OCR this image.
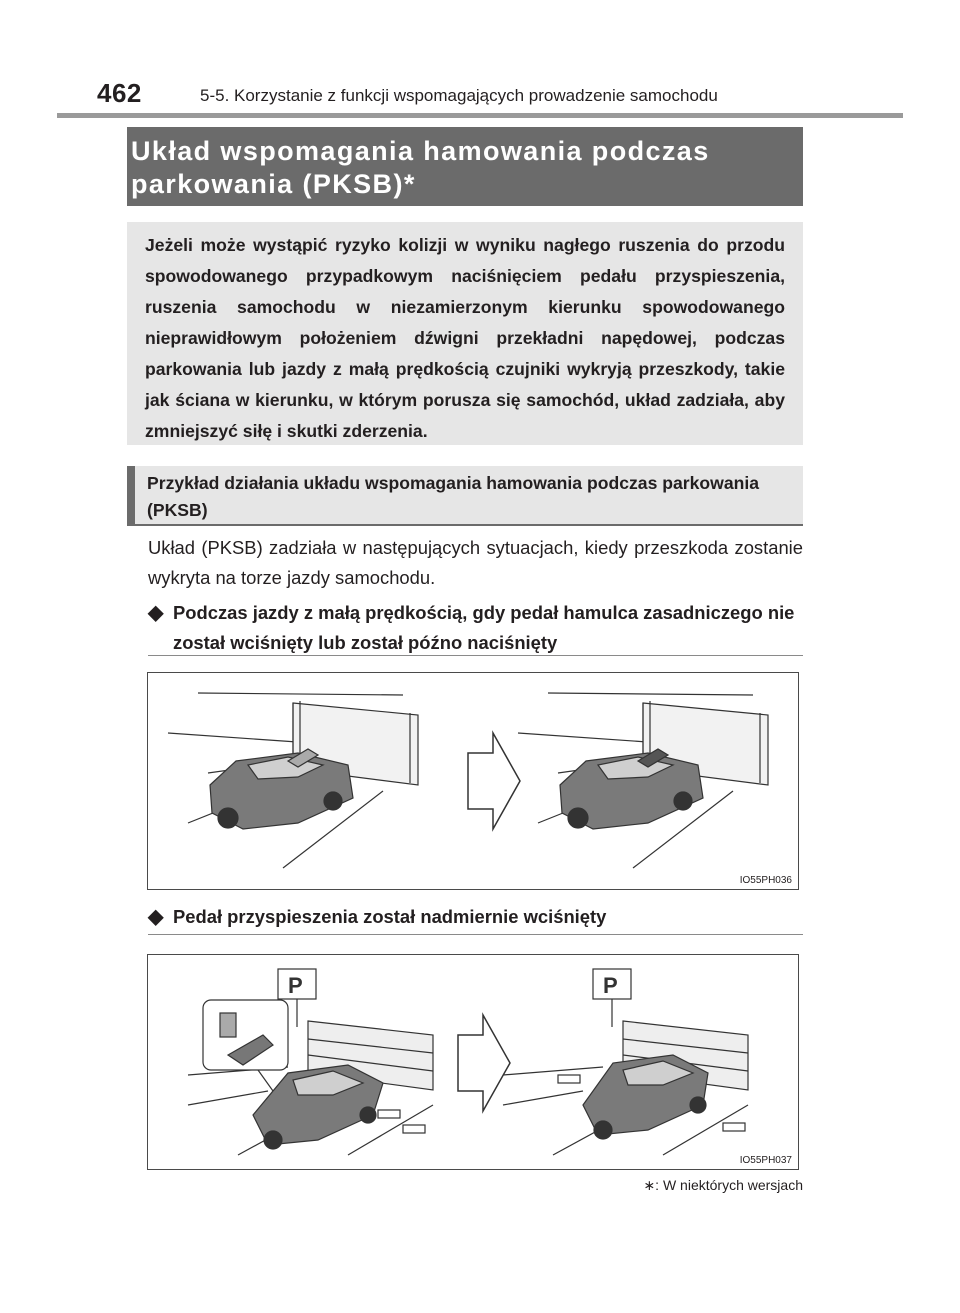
462	5-5. Korzystanie z funkcji wspomagających prowadzenie samochodu
Układ wspomagania hamowania podczas
parkowania (PKSB)*

Jeżeli może wystąpić ryzyko kolizji w wyniku nagłego ruszenia do przodu spowodowanego przypadkowym naciśnięciem pedału przyspieszenia, ruszenia samochodu w niezamierzonym kierunku spowodowanego nieprawidłowym położeniem dźwigni przekładni napędowej, podczas parkowania lub jazdy z małą prędkością czujniki wykryją przeszkody, takie jak ściana w kierunku, w którym porusza się samochód, układ zadziała, aby zmniejszyć siłę i skutki zderzenia.

Przykład działania układu wspomagania hamowania podczas parkowania (PKSB)

Układ (PKSB) zadziała w następujących sytuacjach, kiedy przeszkoda zostanie wykryta na torze jazdy samochodu.

◆ Podczas jazdy z małą prędkością, gdy pedał hamulca zasadniczego nie został wciśnięty lub został późno naciśnięty

IO55PH036
◆ Pedał przyspieszenia został nadmiernie wciśnięty

P	P
IO55PH037
∗: W niektórych wersjach
